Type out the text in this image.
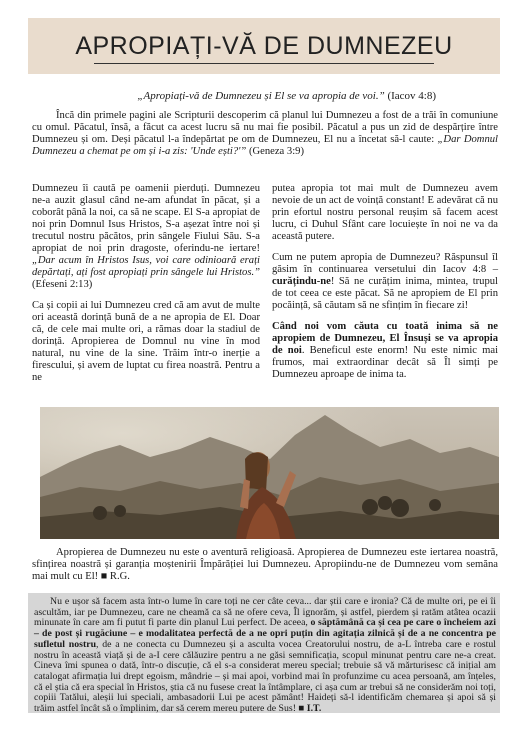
APROPIAȚI-VĂ DE DUMNEZEU
„Apropiați-vă de Dumnezeu și El se va apropia de voi.” (Iacov 4:8)

Încă din primele pagini ale Scripturii descoperim că planul lui Dumnezeu a fost de a trăi în comuniune cu omul. Păcatul, însă, a făcut ca acest lucru să nu mai fie posibil. Păcatul a pus un zid de despărțire între Dumnezeu și om. Deși păcatul l-a îndepărtat pe om de Dumnezeu, El nu a încetat să-l caute: „Dar Domnul Dumnezeu a chemat pe om și i-a zis: 'Unde ești?'” (Geneza 3:9)

Dumnezeu îi caută pe oamenii pierduți. Dumnezeu ne-a auzit glasul când ne-am afundat în păcat, și a coborât până la noi, ca să ne scape. El S-a apropiat de noi prin Domnul Isus Hristos, S-a așezat între noi și trecutul nostru păcătos, prin sângele Fiului Său. S-a apropiat de noi prin dragoste, oferindu-ne iertare! „Dar acum în Hristos Isus, voi care odinioară erați depărtați, ați fost apropiați prin sângele lui Hristos.” (Efeseni 2:13)

Ca și copii ai lui Dumnezeu cred că am avut de multe ori această dorință bună de a ne apropia de El. Doar că, de cele mai multe ori, a rămas doar la stadiul de dorință. Apropierea de Domnul nu vine în mod natural, nu vine de la sine. Trăim într-o inerție a firescului, și avem de luptat cu firea noastră. Pentru a ne

putea apropia tot mai mult de Dumnezeu avem nevoie de un act de voință constant! E adevărat că nu prin efortul nostru personal reușim să facem acest lucru, ci Duhul Sfânt care locuiește în noi ne va da această putere.

Cum ne putem apropia de Dumnezeu? Răspunsul îl găsim în continuarea versetului din Iacov 4:8 – curățindu-ne! Să ne curățim inima, mintea, trupul de tot ceea ce este păcat. Să ne apropiem de El prin pocăință, să căutam să ne sfințim în fiecare zi!

Când noi vom căuta cu toată inima să ne apropiem de Dumnezeu, El Însuși se va apropia de noi. Beneficul este enorm! Nu este nimic mai frumos, mai extraordinar decât să Îl simți pe Dumnezeu aproape de inima ta.

Apropierea de Dumnezeu nu este o aventură religioasă. Apropierea de Dumnezeu este iertarea noastră, sfințirea noastră și garanția moștenirii Împărăției lui Dumnezeu. Apropiindu-ne de Dumnezeu vom semăna mai mult cu El! ■ R.G.

Nu e ușor să facem asta într-o lume în care toți ne cer câte ceva... dar știi care e ironia? Că de multe ori, pe ei îi ascultăm, iar pe Dumnezeu, care ne cheamă ca să ne ofere ceva, Îl ignorăm, și astfel, pierdem și ratăm atâtea ocazii minunate în care am fi putut fi parte din planul Lui perfect. De aceea, o săptămână ca și cea pe care o încheiem azi – de post și rugăciune – e modalitatea perfectă de a ne opri puțin din agitația zilnică și de a ne concentra pe sufletul nostru, de a ne conecta cu Dumnezeu și a asculta vocea Creatorului nostru, de a-L întreba care e rostul nostru în această viață și de a-I cere călăuzire pentru a ne găsi semnificația, scopul minunat pentru care ne-a creat. Cineva îmi spunea o dată, într-o discuție, că el s-a considerat mereu special; trebuie să vă mărturisesc că inițial am catalogat afirmația lui drept egoism, mândrie – și mai apoi, vorbind mai în profunzime cu acea persoană, am înțeles, că el știa că era special în Hristos, știa că nu fusese creat la întâmplare, ci așa cum ar trebui să ne considerăm noi toți, copiii Tatălui, aleșii lui speciali, ambasadorii Lui pe acest pământ! Haideți să-l identificăm chemarea și apoi să și trăim astfel încât să o împlinim, dar să cerem mereu putere de Sus! ■ I.T.
